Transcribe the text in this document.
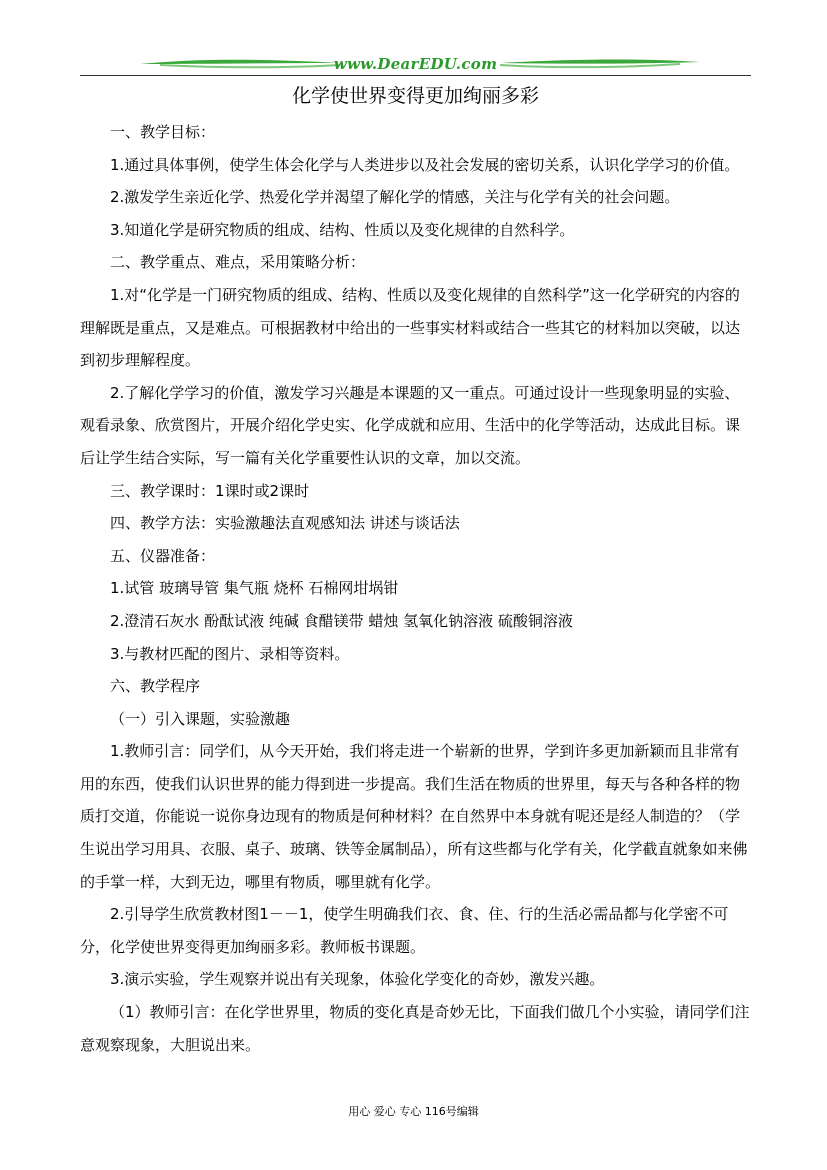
www.DearEDU.com
化学使世界变得更加绚丽多彩

一、教学目标：

1.通过具体事例，使学生体会化学与人类进步以及社会发展的密切关系，认识化学学习的价值。

2.激发学生亲近化学、热爱化学并渴望了解化学的情感，关注与化学有关的社会问题。

3.知道化学是研究物质的组成、结构、性质以及变化规律的自然科学。

二、教学重点、难点，采用策略分析：

1.对“化学是一门研究物质的组成、结构、性质以及变化规律的自然科学”这一化学研究的内容的理解既是重点，又是难点。可根据教材中给出的一些事实材料或结合一些其它的材料加以突破，以达到初步理解程度。

2.了解化学学习的价值，激发学习兴趣是本课题的又一重点。可通过设计一些现象明显的实验、观看录象、欣赏图片，开展介绍化学史实、化学成就和应用、生活中的化学等活动，达成此目标。课后让学生结合实际，写一篇有关化学重要性认识的文章，加以交流。

三、教学课时：1课时或2课时

四、教学方法：实验激趣法直观感知法 讲述与谈话法

五、仪器准备：

1.试管 玻璃导管 集气瓶 烧杯 石棉网坩埚钳

2.澄清石灰水 酚酞试液 纯碱 食醋镁带 蜡烛 氢氧化钠溶液 硫酸铜溶液

3.与教材匹配的图片、录相等资料。

六、教学程序

（一）引入课题，实验激趣

1.教师引言：同学们，从今天开始，我们将走进一个崭新的世界，学到许多更加新颖而且非常有用的东西，使我们认识世界的能力得到进一步提高。我们生活在物质的世界里，每天与各种各样的物质打交道，你能说一说你身边现有的物质是何种材料？在自然界中本身就有呢还是经人制造的？（学生说出学习用具、衣服、桌子、玻璃、铁等金属制品），所有这些都与化学有关，化学截直就象如来佛的手掌一样，大到无边，哪里有物质，哪里就有化学。

2.引导学生欣赏教材图1－－1，使学生明确我们衣、食、住、行的生活必需品都与化学密不可分，化学使世界变得更加绚丽多彩。教师板书课题。

3.演示实验，学生观察并说出有关现象，体验化学变化的奇妙，激发兴趣。

（1）教师引言：在化学世界里，物质的变化真是奇妙无比，下面我们做几个小实验，请同学们注意观察现象，大胆说出来。

用心 爱心 专心 116号编辑
